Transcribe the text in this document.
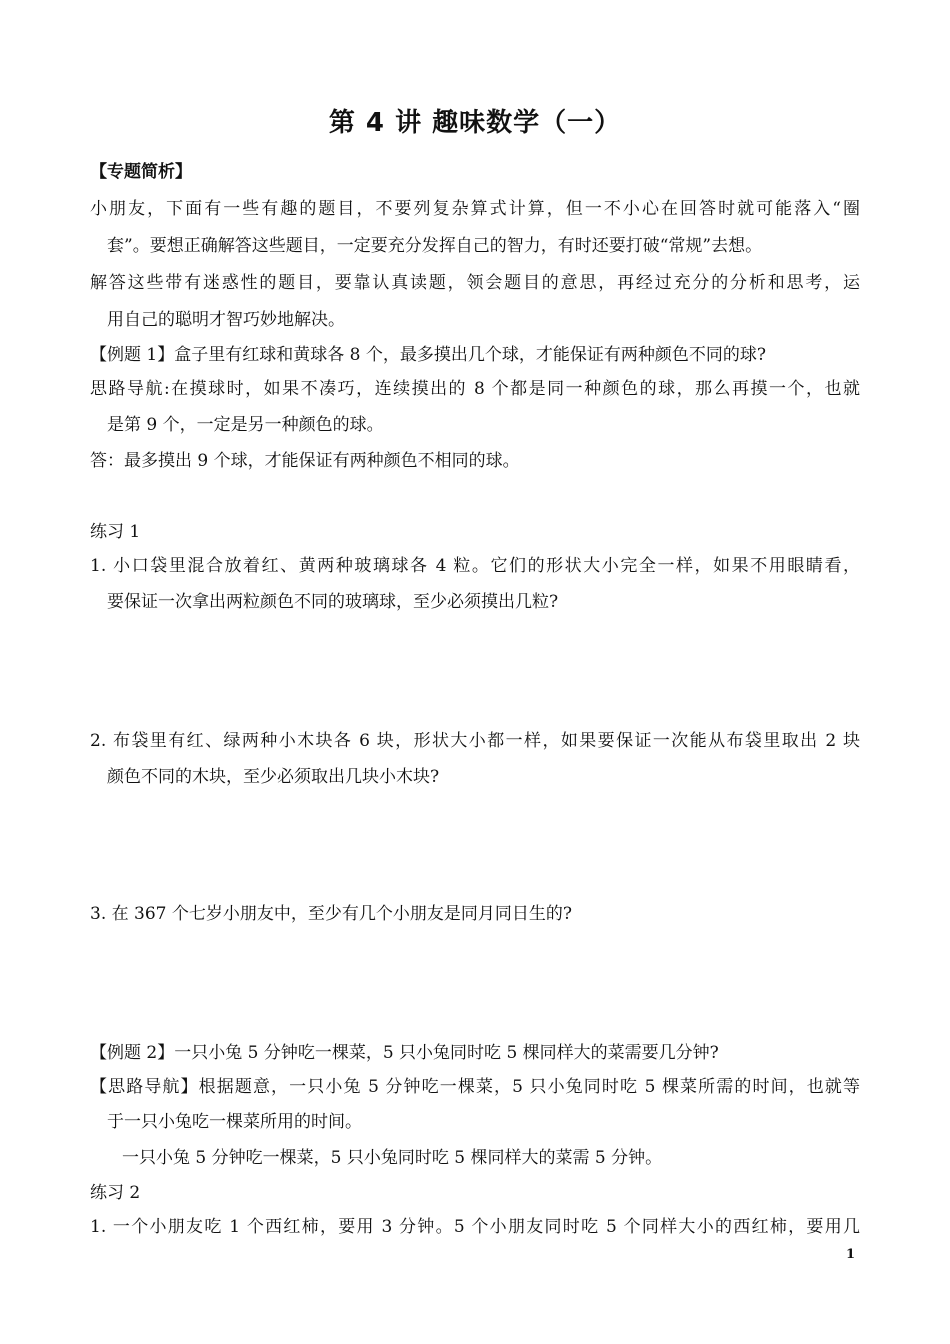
第 4 讲 趣味数学（一）
【专题简析】
小朋友，下面有一些有趣的题目，不要列复杂算式计算，但一不小心在回答时就可能落入“圈
套”。要想正确解答这些题目，一定要充分发挥自己的智力，有时还要打破“常规”去想。
解答这些带有迷惑性的题目，要靠认真读题，领会题目的意思，再经过充分的分析和思考，运
用自己的聪明才智巧妙地解决。
【例题 1】盒子里有红球和黄球各 8 个，最多摸出几个球，才能保证有两种颜色不同的球?
思路导航:在摸球时，如果不凑巧，连续摸出的 8 个都是同一种颜色的球，那么再摸一个，也就
是第 9 个，一定是另一种颜色的球。
答：最多摸出 9 个球，才能保证有两种颜色不相同的球。
练习 1
1. 小口袋里混合放着红、黄两种玻璃球各 4 粒。它们的形状大小完全一样，如果不用眼睛看，
要保证一次拿出两粒颜色不同的玻璃球，至少必须摸出几粒?
2. 布袋里有红、绿两种小木块各 6 块，形状大小都一样，如果要保证一次能从布袋里取出 2 块
颜色不同的木块，至少必须取出几块小木块?
3. 在 367 个七岁小朋友中，至少有几个小朋友是同月同日生的?
【例题 2】一只小兔 5 分钟吃一棵菜，5 只小兔同时吃 5 棵同样大的菜需要几分钟?
【思路导航】根据题意，一只小兔 5 分钟吃一棵菜，5 只小兔同时吃 5 棵菜所需的时间，也就等
于一只小兔吃一棵菜所用的时间。
一只小兔 5 分钟吃一棵菜，5 只小兔同时吃 5 棵同样大的菜需 5 分钟。
练习 2
1. 一个小朋友吃 1 个西红柿，要用 3 分钟。5 个小朋友同时吃 5 个同样大小的西红柿，要用几
1
